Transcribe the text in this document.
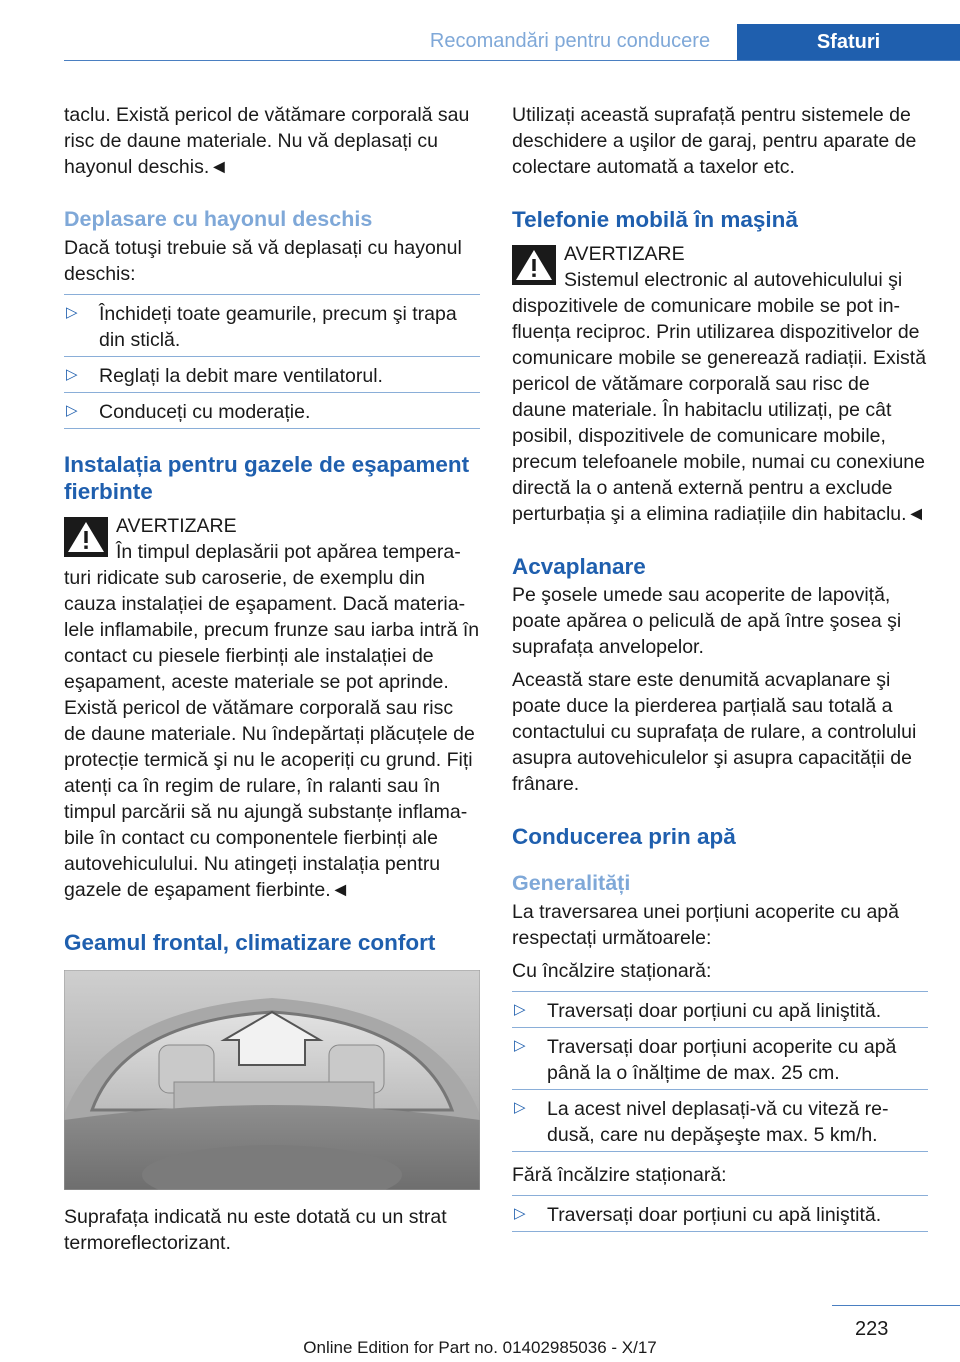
Recomandări pentru conducere	Sfaturi

taclu. Există pericol de vătămare corporală sau risc de daune materiale. Nu vă deplasați cu hayonul deschis.◄

Deplasare cu hayonul deschis

Dacă totuşi trebuie să vă deplasați cu hayonul deschis:

▷ Închideți toate geamurile, precum şi trapa din sticlă.
▷ Reglați la debit mare ventilatorul.
▷ Conduceți cu moderație.
Instalația pentru gazele de eşapament fierbinte
AVERTIZARE
În timpul deplasării pot apărea temperaturi ridicate sub caroserie, de exemplu din cauza instalației de eşapament. Dacă materialele inflamabile, precum frunze sau iarba intră în contact cu piesele fierbinți ale instalației de eşapament, aceste materiale se pot aprinde. Există pericol de vătămare corporală sau risc de daune materiale. Nu îndepărtați plăcuțele de protecție termică şi nu le acoperiți cu grund. Fiți atenți ca în regim de rulare, în ralanti sau în timpul parcării să nu ajungă substanțe inflamabile în contact cu componentele fierbinți ale autovehiculului. Nu atingeți instalația pentru gazele de eşapament fierbinte.◄
Geamul frontal, climatizare confort

Suprafața indicată nu este dotată cu un strat termoreflectorizant.

Utilizați această suprafață pentru sistemele de deschidere a uşilor de garaj, pentru aparate de colectare automată a taxelor etc.

Telefonie mobilă în maşină
AVERTIZARE
Sistemul electronic al autovehiculului şi dispozitivele de comunicare mobile se pot influența reciproc. Prin utilizarea dispozitivelor de comunicare mobile se generează radiații. Există pericol de vătămare corporală sau risc de daune materiale. În habitaclu utilizați, pe cât posibil, dispozitivele de comunicare mobile, precum telefoanele mobile, numai cu conexiune directă la o antenă externă pentru a exclude perturbația şi a elimina radiațiile din habitaclu.◄
Acvaplanare

Pe şosele umede sau acoperite de lapoviță, poate apărea o peliculă de apă între şosea şi suprafața anvelopelor.

Această stare este denumită acvaplanare şi poate duce la pierderea parțială sau totală a contactului cu suprafața de rulare, a controlului asupra autovehiculelor şi asupra capacității de frânare.

Conducerea prin apă
Generalități

La traversarea unei porțiuni acoperite cu apă respectați următoarele:

Cu încălzire staționară:

▷ Traversați doar porțiuni cu apă liniştită.
▷ Traversați doar porțiuni acoperite cu apă până la o înălțime de max. 25 cm.
▷ La acest nivel deplasați-vă cu viteză redusă, care nu depăşeşte max. 5 km/h.

Fără încălzire staționară:

▷ Traversați doar porțiuni cu apă liniştită.
223
Online Edition for Part no. 01402985036 - X/17
